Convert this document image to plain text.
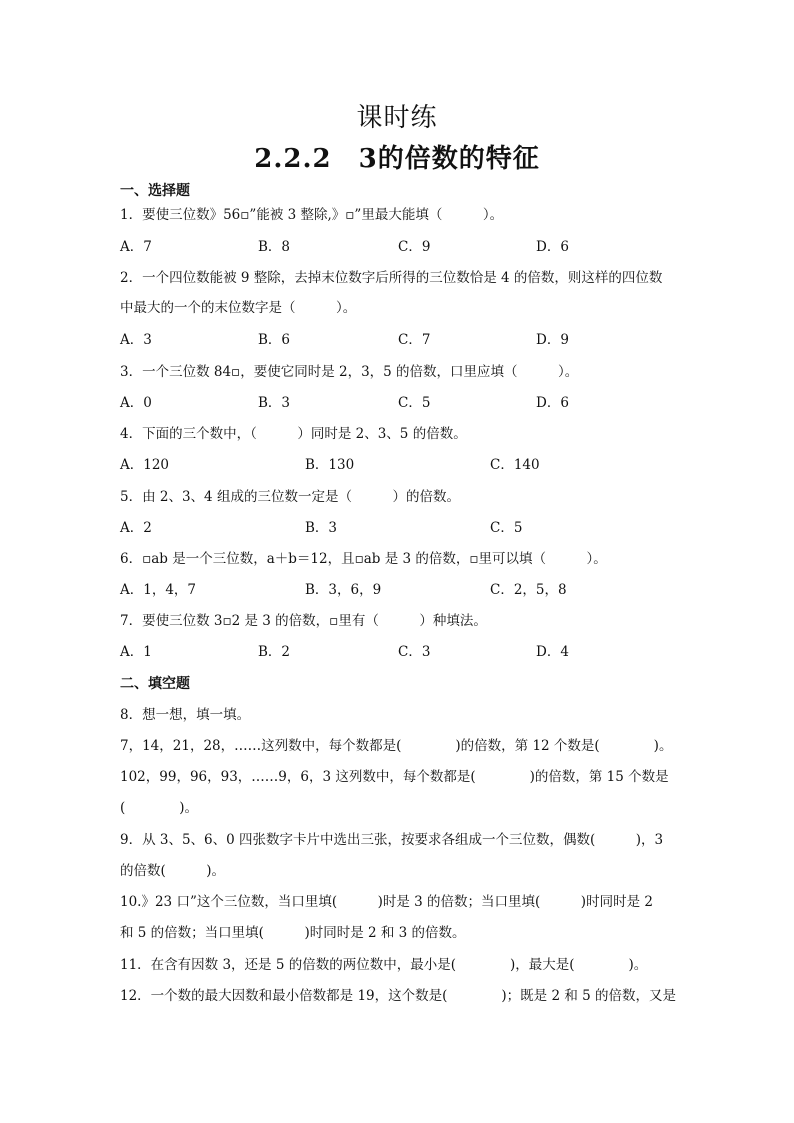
课时练
2.2.2　3的倍数的特征
一、选择题
1．要使三位数》56▫”能被 3 整除,》▫”里最大能填（　　　）。
A．7	B．8	C．9	D．6
2．一个四位数能被 9 整除，去掉末位数字后所得的三位数恰是 4 的倍数，则这样的四位数
中最大的一个的末位数字是（　　　）。
A．3	B．6	C．7	D．9
3．一个三位数 84▫，要使它同时是 2，3，5 的倍数，口里应填（　　　）。
A．0	B．3	C．5	D．6
4．下面的三个数中，（　　　）同时是 2、3、5 的倍数。
A．120	B．130	C．140
5．由 2、3、4 组成的三位数一定是（　　　）的倍数。
A．2	B．3	C．5
6．▫ab 是一个三位数，a＋b＝12，且▫ab 是 3 的倍数，▫里可以填（　　　）。
A．1，4，7	B．3，6，9	C．2，5，8
7．要使三位数 3▫2 是 3 的倍数，▫里有（　　　）种填法。
A．1	B．2	C．3	D．4
二、填空题
8．想一想，填一填。
7，14，21，28，……这列数中，每个数都是(　　　　)的倍数，第 12 个数是(　　　　)。
102，99，96，93，……9，6，3 这列数中，每个数都是(　　　　)的倍数，第 15 个数是
(　　　　)。
9．从 3、5、6、0 四张数字卡片中选出三张，按要求各组成一个三位数，偶数(　　　)，3
的倍数(　　　)。
10.》23 口”这个三位数，当口里填(　　　)时是 3 的倍数；当口里填(　　　)时同时是 2
和 5 的倍数；当口里填(　　　)时同时是 2 和 3 的倍数。
11．在含有因数 3，还是 5 的倍数的两位数中，最小是(　　　　)，最大是(　　　　)。
12．一个数的最大因数和最小倍数都是 19，这个数是(　　　　)；既是 2 和 5 的倍数，又是
